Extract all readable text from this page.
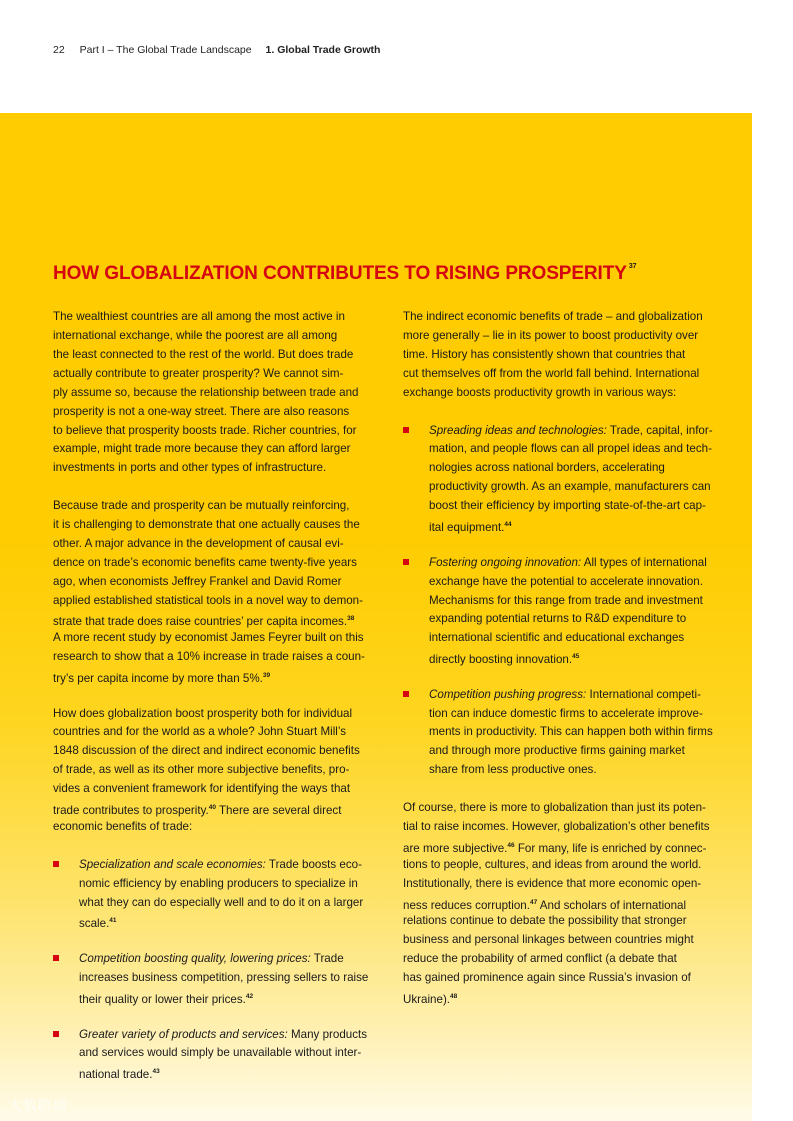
22 Part I – The Global Trade Landscape 1. Global Trade Growth
HOW GLOBALIZATION CONTRIBUTES TO RISING PROSPERITY $^{37}$
The wealthiest countries are all among the most active in
international exchange, while the poorest are all among
the least connected to the rest of the world. But does trade
actually contribute to greater prosperity? We cannot sim-
ply assume so, because the relationship between trade and
prosperity is not a one-way street. There are also reasons
to believe that prosperity boosts trade. Richer countries, for
example, might trade more because they can afford larger
investments in ports and other types of infrastructure.
Because trade and prosperity can be mutually reinforcing,
it is challenging to demonstrate that one actually causes the
other. A major advance in the development of causal evi-
dence on trade’s economic benefits came twenty-five years
ago, when economists Jeffrey Frankel and David Romer
applied established statistical tools in a novel way to demon-
strate that trade does raise countries’ per capita incomes.$^{38}$
A more recent study by economist James Feyrer built on this
research to show that a 10% increase in trade raises a coun-
try’s per capita income by more than 5%.$^{39}$
How does globalization boost prosperity both for individual
countries and for the world as a whole? John Stuart Mill’s
1848 discussion of the direct and indirect economic benefits
of trade, as well as its other more subjective benefits, pro-
vides a convenient framework for identifying the ways that
trade contributes to prosperity.$^{40}$ There are several direct
economic benefits of trade:
Specialization and scale economies: Trade boosts eco-
nomic efficiency by enabling producers to specialize in
what they can do especially well and to do it on a larger
scale.$^{41}$
Competition boosting quality, lowering prices: Trade
increases business competition, pressing sellers to raise
their quality or lower their prices.$^{42}$
Greater variety of products and services: Many products
and services would simply be unavailable without inter-
national trade.$^{43}$
The indirect economic benefits of trade – and globalization
more generally – lie in its power to boost productivity over
time. History has consistently shown that countries that
cut themselves off from the world fall behind. International
exchange boosts productivity growth in various ways:
Spreading ideas and technologies: Trade, capital, infor-
mation, and people flows can all propel ideas and tech-
nologies across national borders, accelerating
productivity growth. As an example, manufacturers can
boost their efficiency by importing state-of-the-art cap-
ital equipment.$^{44}$
Fostering ongoing innovation: All types of international
exchange have the potential to accelerate innovation.
Mechanisms for this range from trade and investment
expanding potential returns to R&D expenditure to
international scientific and educational exchanges
directly boosting innovation.$^{45}$
Competition pushing progress: International competi-
tion can induce domestic firms to accelerate improve-
ments in productivity. This can happen both within firms
and through more productive firms gaining market
share from less productive ones.
Of course, there is more to globalization than just its poten-
tial to raise incomes. However, globalization’s other benefits
are more subjective.$^{46}$ For many, life is enriched by connec-
tions to people, cultures, and ideas from around the world.
Institutionally, there is evidence that more economic open-
ness reduces corruption.$^{47}$ And scholars of international
relations continue to debate the possibility that stronger
business and personal linkages between countries might
reduce the probability of armed conflict (a debate that
has gained prominence again since Russia’s invasion of
Ukraine).$^{48}$
大数跨境
